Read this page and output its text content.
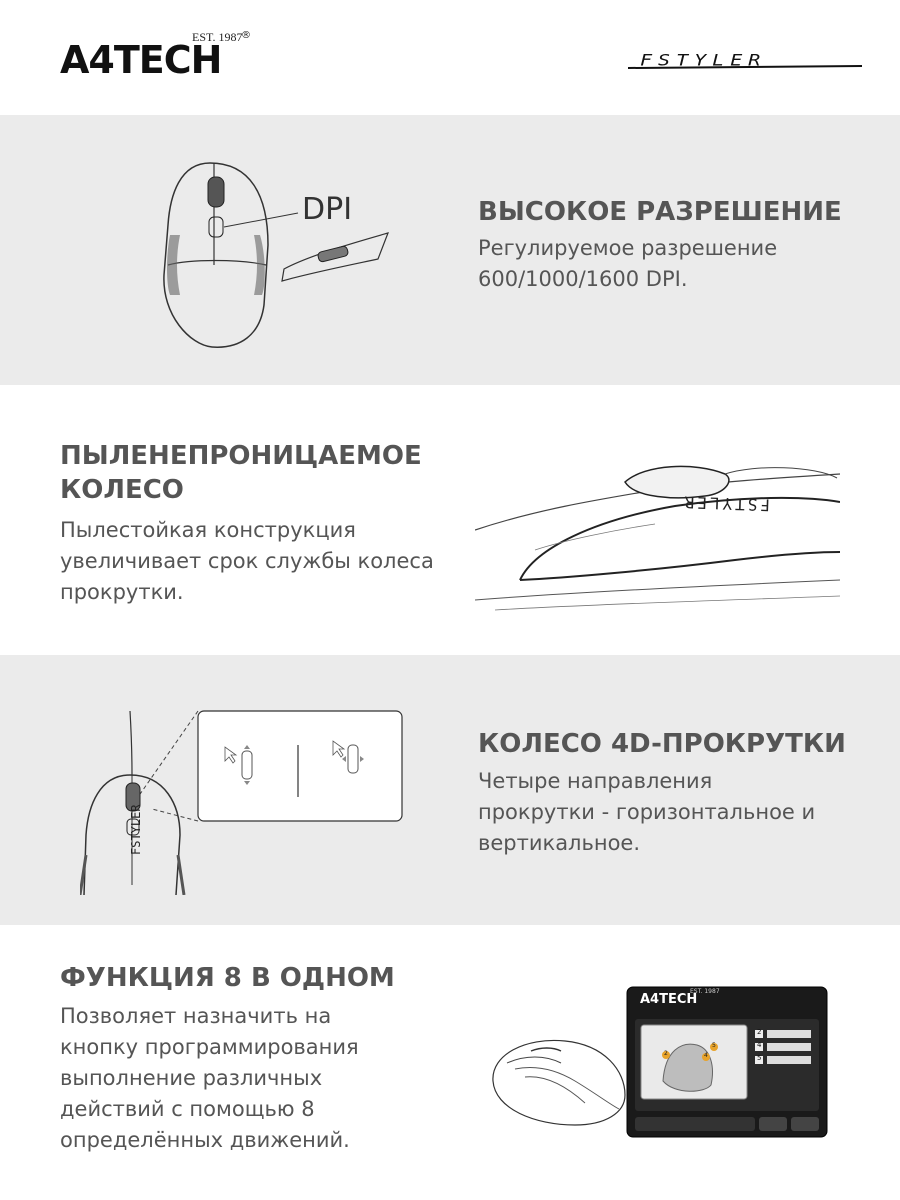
A4TECH
EST. 1987
®
FSTYLER
DPI	ВЫСОКОЕ РАЗРЕШЕНИЕ
Регулируемое разрешение
600/1000/1600 DPI.
ПЫЛЕНЕПРОНИЦАЕМОЕ
КОЛЕСО
Пылестойкая конструкция
увеличивает срок службы колеса
прокрутки.
FSTYLER
FSTYLER
КОЛЕСО 4D-ПРОКРУТКИ
Четыре направления
прокрутки - горизонтальное и
вертикальное.
ФУНКЦИЯ 8 В ОДНОМ
Позволяет назначить на
кнопку программирования
выполнение различных
действий с помощью 8
определённых движений.
A4TECH
EST. 1987
2
4
5
2	4
5
